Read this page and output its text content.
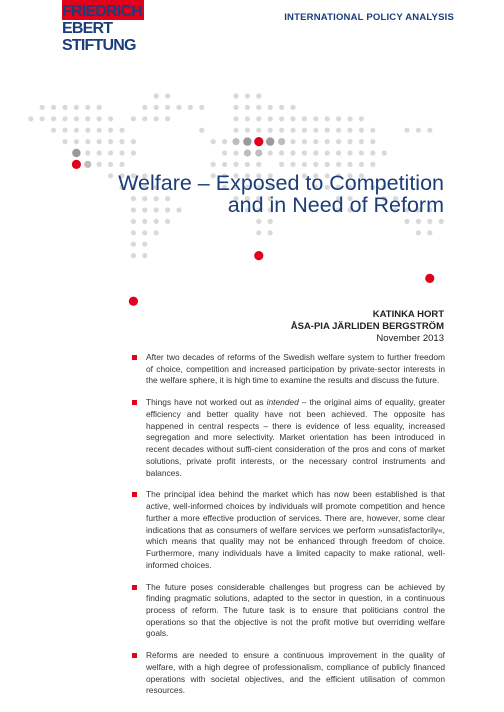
FRIEDRICH
EBERT
STIFTUNG
INTERNATIONAL POLICY ANALYSIS
Welfare – Exposed to Competition
and in Need of Reform
KATINKA HORT
ÅSA-PIA JÄRLIDEN BERGSTRÖM
November 2013
After two decades of reforms of the Swedish welfare system to further freedom of choice, competition and increased participation by private-sector interests in the welfare sphere, it is high time to examine the results and discuss the future.
Things have not worked out as intended – the original aims of equality, greater efficiency and better quality have not been achieved. The opposite has happened in central respects – there is evidence of less equality, increased segregation and more selectivity. Market orientation has been introduced in recent decades without suffi-cient consideration of the pros and cons of market solutions, private profit interests, or the necessary control instruments and balances.
The principal idea behind the market which has now been established is that active, well-informed choices by individuals will promote competition and hence further a more effective production of services. There are, however, some clear indications that as consumers of welfare services we perform »unsatisfactorily«, which means that quality may not be enhanced through freedom of choice. Furthermore, many individuals have a limited capacity to make rational, well-informed choices.
The future poses considerable challenges but progress can be achieved by finding pragmatic solutions, adapted to the sector in question, in a continuous process of reform. The future task is to ensure that politicians control the operations so that the objective is not the profit motive but overriding welfare goals.
Reforms are needed to ensure a continuous improvement in the quality of welfare, with a high degree of professionalism, compliance of publicly financed operations with societal objectives, and the efficient utilisation of common resources.
